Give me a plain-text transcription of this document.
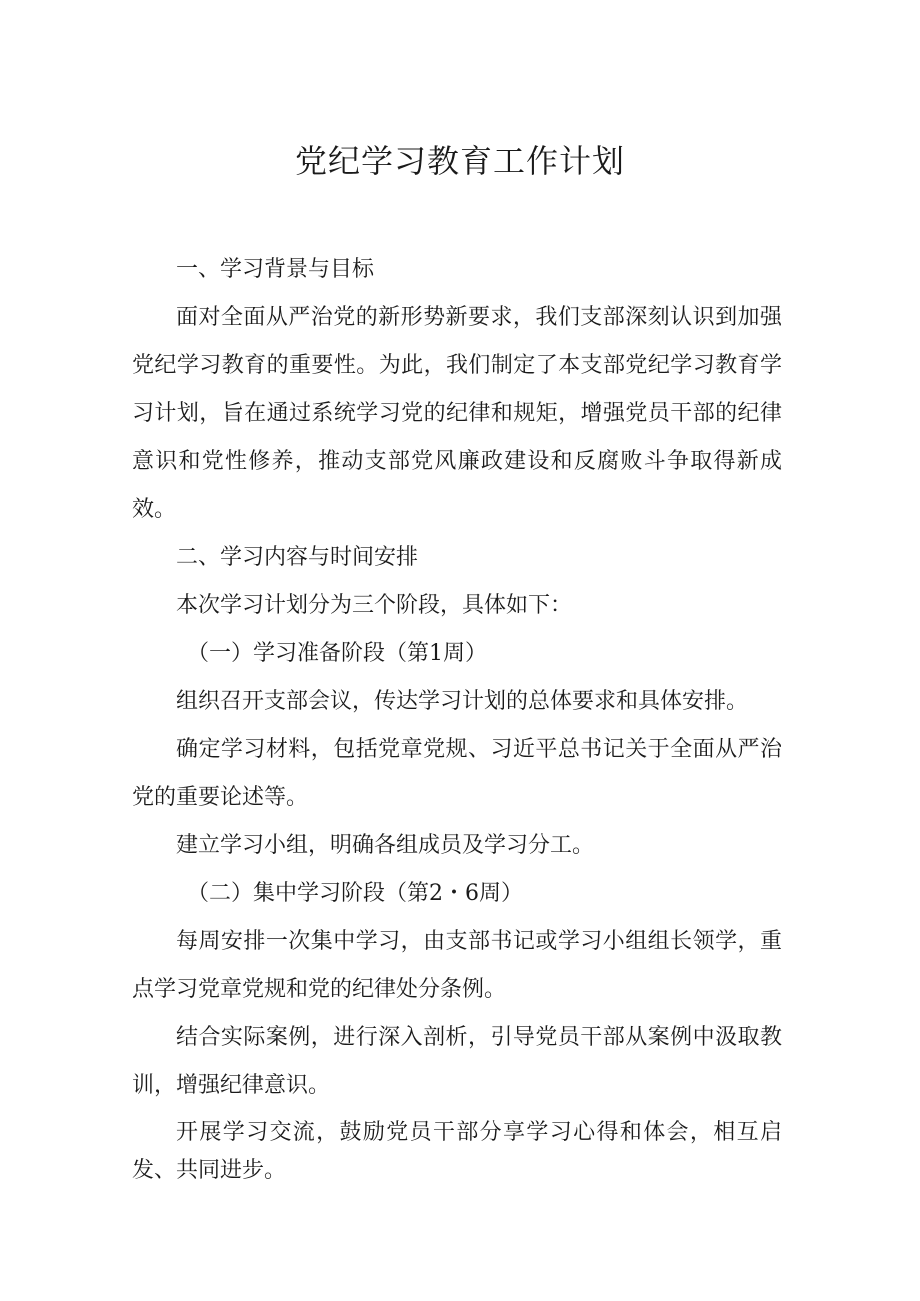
党纪学习教育工作计划

一、学习背景与目标

面对全面从严治党的新形势新要求，我们支部深刻认识到加强党纪学习教育的重要性。为此，我们制定了本支部党纪学习教育学习计划，旨在通过系统学习党的纪律和规矩，增强党员干部的纪律意识和党性修养，推动支部党风廉政建设和反腐败斗争取得新成效。

二、学习内容与时间安排

本次学习计划分为三个阶段，具体如下：

（一）学习准备阶段（第1周）

组织召开支部会议，传达学习计划的总体要求和具体安排。

确定学习材料，包括党章党规、习近平总书记关于全面从严治党的重要论述等。

建立学习小组，明确各组成员及学习分工。

（二）集中学习阶段（第2・6周）

每周安排一次集中学习，由支部书记或学习小组组长领学，重点学习党章党规和党的纪律处分条例。

结合实际案例，进行深入剖析，引导党员干部从案例中汲取教训，增强纪律意识。

开展学习交流，鼓励党员干部分享学习心得和体会，相互启发、共同进步。
